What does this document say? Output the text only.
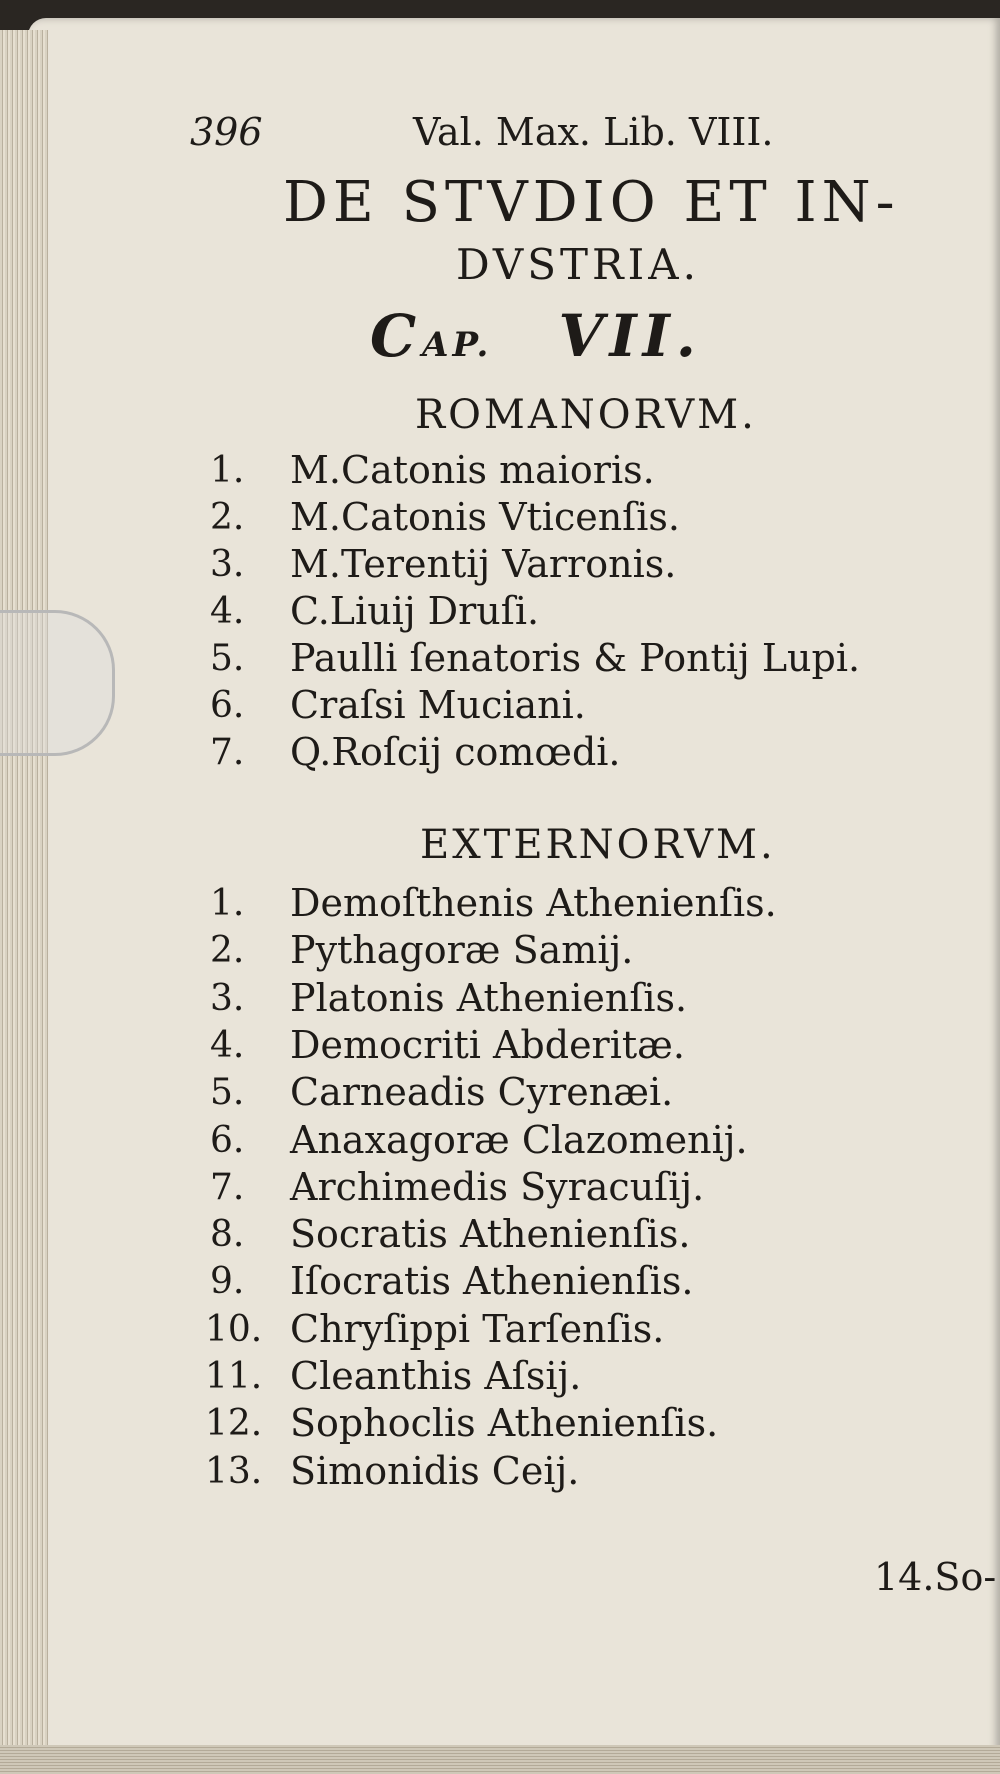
396	Val. Max. Lib. VIII.
DE STVDIO ET IN-
DVSTRIA.
CAP. VII.
ROMANORVM.
1. M.Catonis maioris.
2. M.Catonis Vticenſis.
3. M.Terentij Varronis.
4. C.Liuij Druſi.
5. Paulli ſenatoris & Pontij Lupi.
6. Craſsi Muciani.
7. Q.Roſcij comœdi.
EXTERNORVM.
1. Demoſthenis Athenienſis.
2. Pythagoræ Samij.
3. Platonis Athenienſis.
4. Democriti Abderitæ.
5. Carneadis Cyrenæi.
6. Anaxagoræ Clazomenij.
7. Archimedis Syracuſij.
8. Socratis Athenienſis.
9. Iſocratis Athenienſis.
10. Chryſippi Tarſenſis.
11. Cleanthis Aſsij.
12. Sophoclis Athenienſis.
13. Simonidis Ceij.
14.So-
